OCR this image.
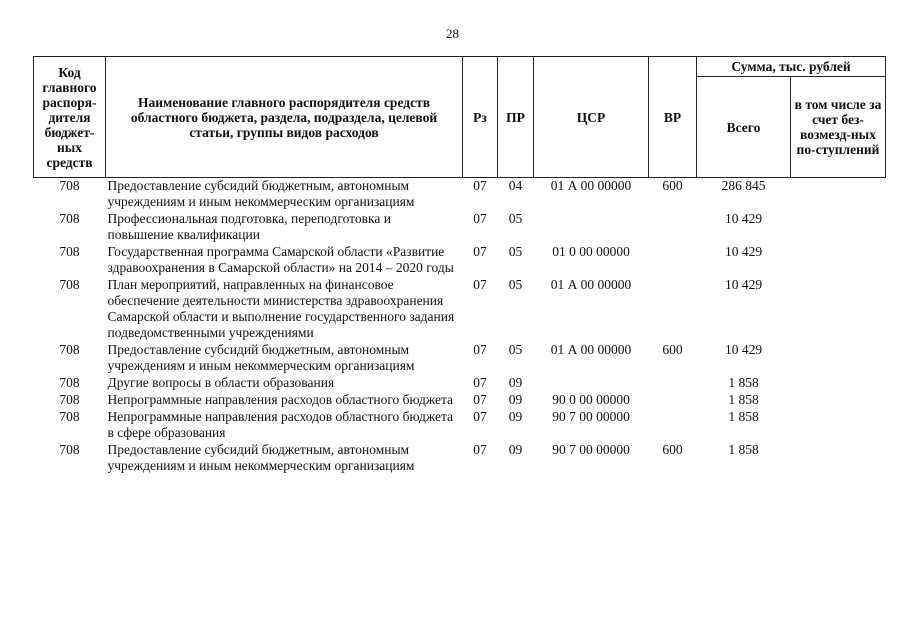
28
Код главного распоря-дителя бюджет-ных средств	Наименование главного распорядителя средств областного бюджета, раздела, подраздела, целевой статьи, группы видов расходов	Рз	ПР	ЦСР	ВР	Сумма, тыс. рублей	
						Всего	в том числе за счет без-возмезд-ных по-ступлений
708	Предоставление субсидий бюджетным, автономным учреждениям и иным некоммерческим организациям	07	04	01 А 00 00000	600	286 845	
708	Профессиональная подготовка, переподготовка и повышение квалификации	07	05			10 429	
708	Государственная программа Самарской области «Развитие здравоохранения в Самарской области» на 2014 – 2020 годы	07	05	01 0 00 00000		10 429	
708	План мероприятий, направленных на финансовое обеспечение деятельности министерства здравоохранения Самарской области и выполнение государственного задания подведомственными учреждениями	07	05	01 А 00 00000		10 429	
708	Предоставление субсидий бюджетным, автономным учреждениям и иным некоммерческим организациям	07	05	01 А 00 00000	600	10 429	
708	Другие вопросы в области образования	07	09			1 858	
708	Непрограммные направления расходов областного бюджета	07	09	90 0 00 00000		1 858	
708	Непрограммные направления расходов областного бюджета в сфере образования	07	09	90 7 00 00000		1 858	
708	Предоставление субсидий бюджетным, автономным учреждениям и иным некоммерческим организациям	07	09	90 7 00 00000	600	1 858	
